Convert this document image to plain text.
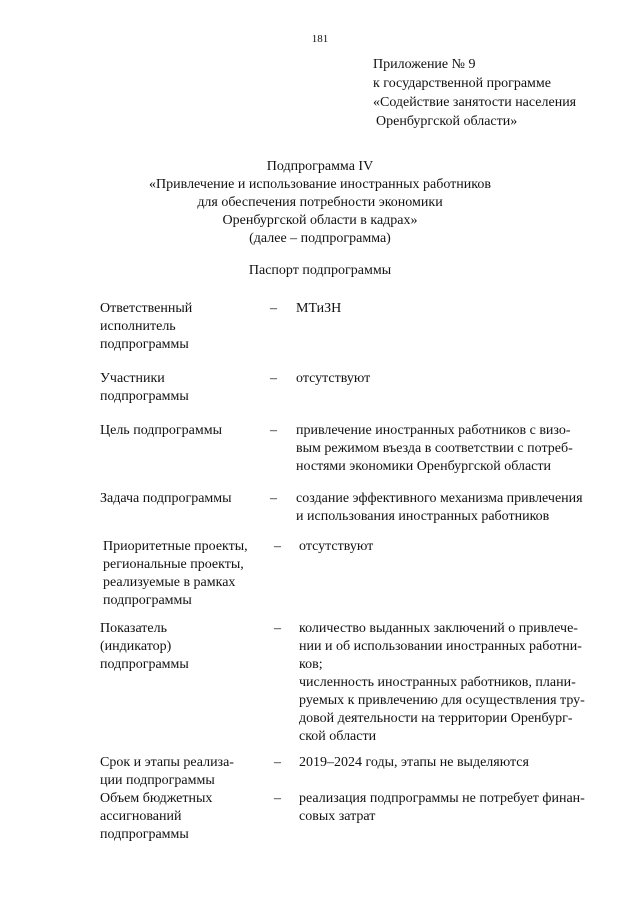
181
Приложение № 9
к государственной программе
«Содействие занятости населения
Оренбургской области»
Подпрограмма IV
«Привлечение и использование иностранных работников
для обеспечения потребности экономики
Оренбургской области в кадрах»
(далее – подпрограмма)
Паспорт подпрограммы
Ответственный
исполнитель
подпрограммы
– МТиЗН
Участники
подпрограммы
– отсутствуют
Цель подпрограммы	– привлечение иностранных работников с визо-
вым режимом въезда в соответствии с потреб-
ностями экономики Оренбургской области
Задача подпрограммы	– создание эффективного механизма привлечения
и использования иностранных работников
Приоритетные проекты,
региональные проекты,
реализуемые в рамках
подпрограммы
– отсутствуют
Показатель
(индикатор)
подпрограммы
– количество выданных заключений о привлече-
нии и об использовании иностранных работни-
ков;
численность иностранных работников, плани-
руемых к привлечению для осуществления тру-
довой деятельности на территории Оренбург-
ской области
Срок и этапы реализа-
ции подпрограммы
– 2019–2024 годы, этапы не выделяются
Объем бюджетных
ассигнований
подпрограммы
– реализация подпрограммы не потребует финан-
совых затрат
